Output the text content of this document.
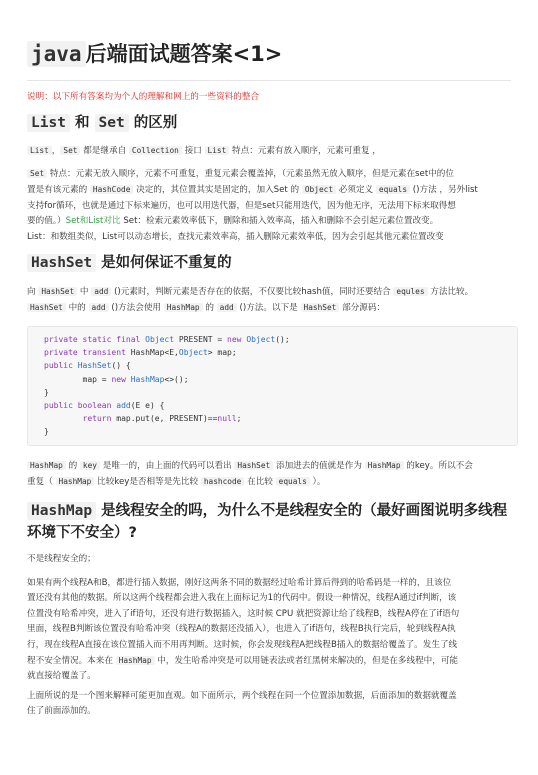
java 后端面试题答案<1>
说明：以下所有答案均为个人的理解和网上的一些资料的整合
List 和 Set 的区别
List ， Set 都是继承自 Collection 接口 List 特点：元素有放入顺序，元素可重复 ，
Set 特点：元素无放入顺序，元素不可重复，重复元素会覆盖掉，（元素虽然无放入顺序，但是元素在set中的位
置是有该元素的 HashCode 决定的，其位置其实是固定的，加入Set 的 Object 必须定义 equals ()方法 ，另外list
支持for循环，也就是通过下标来遍历，也可以用迭代器，但是set只能用迭代，因为他无序，无法用下标来取得想
要的值。）Set和List对比 Set：检索元素效率低下，删除和插入效率高，插入和删除不会引起元素位置改变。
List：和数组类似，List可以动态增长，查找元素效率高，插入删除元素效率低，因为会引起其他元素位置改变
HashSet 是如何保证不重复的
向 HashSet 中 add ()元素时，判断元素是否存在的依据，不仅要比较hash值，同时还要结合 equles 方法比较。
HashSet 中的 add ()方法会使用 HashMap 的 add ()方法。以下是 HashSet 部分源码：
private static final Object PRESENT = new Object();
private transient HashMap<E,Object> map;
public HashSet() {
map = new HashMap<>();
}
public boolean add(E e) {
return map.put(e, PRESENT)==null;
}
HashMap 的 key 是唯一的，由上面的代码可以看出 HashSet 添加进去的值就是作为 HashMap 的key。所以不会
重复（ HashMap 比较key是否相等是先比较 hashcode 在比较 equals ）。
HashMap 是线程安全的吗，为什么不是线程安全的（最好画图说明多线程
环境下不安全）?
不是线程安全的；
如果有两个线程A和B，都进行插入数据，刚好这两条不同的数据经过哈希计算后得到的哈希码是一样的，且该位
置还没有其他的数据。所以这两个线程都会进入我在上面标记为1的代码中。假设一种情况，线程A通过if判断，该
位置没有哈希冲突，进入了if语句，还没有进行数据插入，这时候 CPU 就把资源让给了线程B，线程A停在了if语句
里面，线程B判断该位置没有哈希冲突（线程A的数据还没插入），也进入了if语句，线程B执行完后，轮到线程A执
行，现在线程A直接在该位置插入而不用再判断。这时候，你会发现线程A把线程B插入的数据给覆盖了。发生了线
程不安全情况。本来在 HashMap 中，发生哈希冲突是可以用链表法或者红黑树来解决的，但是在多线程中，可能
就直接给覆盖了。
上面所说的是一个图来解释可能更加直观。如下面所示，两个线程在同一个位置添加数据，后面添加的数据就覆盖
住了前面添加的。
